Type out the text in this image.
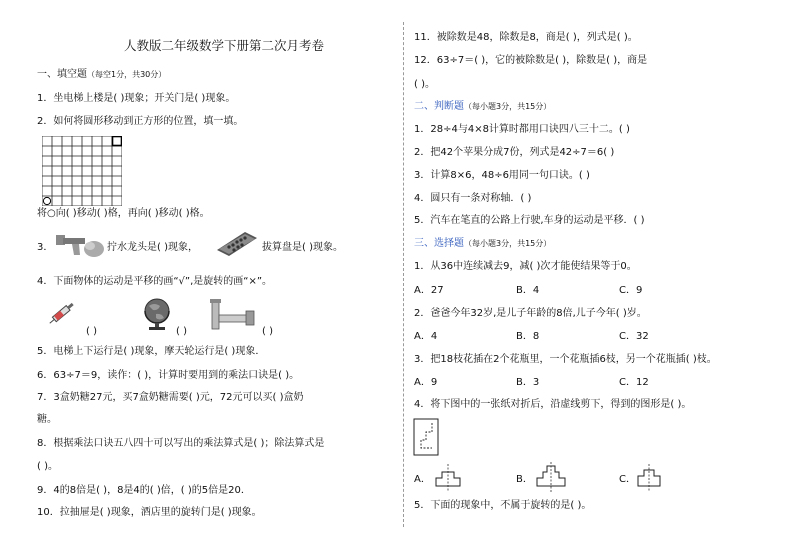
人教版二年级数学下册第二次月考卷
一、填空题（每空1分，共30分）
1．坐电梯上楼是( )现象；开关门是( )现象。
2．如何将圆形移动到正方形的位置，填一填。
将○向( )移动( )格，再向( )移动( )格。
3．	拧水龙头是( )现象，	拔算盘是( )现象。
4．下面物体的运动是平移的画“√”,是旋转的画“×”。
( )	( )	( )
5．电梯上下运行是( )现象，摩天轮运行是( )现象．
6．63÷7＝9，读作：( )，计算时要用到的乘法口诀是( )。
7．3盒奶糖27元，买7盒奶糖需要( )元，72元可以买( )盒奶
糖。
8．根据乘法口诀五八四十可以写出的乘法算式是( )；除法算式是
( )。
9．4的8倍是( )，8是4的( )倍，( )的5倍是20．
10．拉抽屉是( )现象，酒店里的旋转门是( )现象。
11．被除数是48，除数是8，商是( )，列式是( )。
12．63÷7＝( )，它的被除数是( )，除数是( )，商是
( )。
二、判断题（每小题3分，共15分）
1．28÷4与4×8计算时都用口诀四八三十二。( )
2．把42个苹果分成7份，列式是42÷7＝6( )
3．计算8×6，48÷6用同一句口诀。( )
4．圆只有一条对称轴．( )
5．汽车在笔直的公路上行驶,车身的运动是平移．( )
三、选择题（每小题3分，共15分）
1．从36中连续减去9，减( )次才能使结果等于0。
A．27	B．4	C．9
2．爸爸今年32岁,是儿子年龄的8倍,儿子今年( )岁。
A．4	B．8	C．32
3．把18枝花插在2个花瓶里，一个花瓶插6枝，另一个花瓶插( )枝。
A．9	B．3	C．12
4．将下图中的一张纸对折后，沿虚线剪下，得到的图形是( )。
A．	B．	C．
5．下面的现象中，不属于旋转的是( )。
